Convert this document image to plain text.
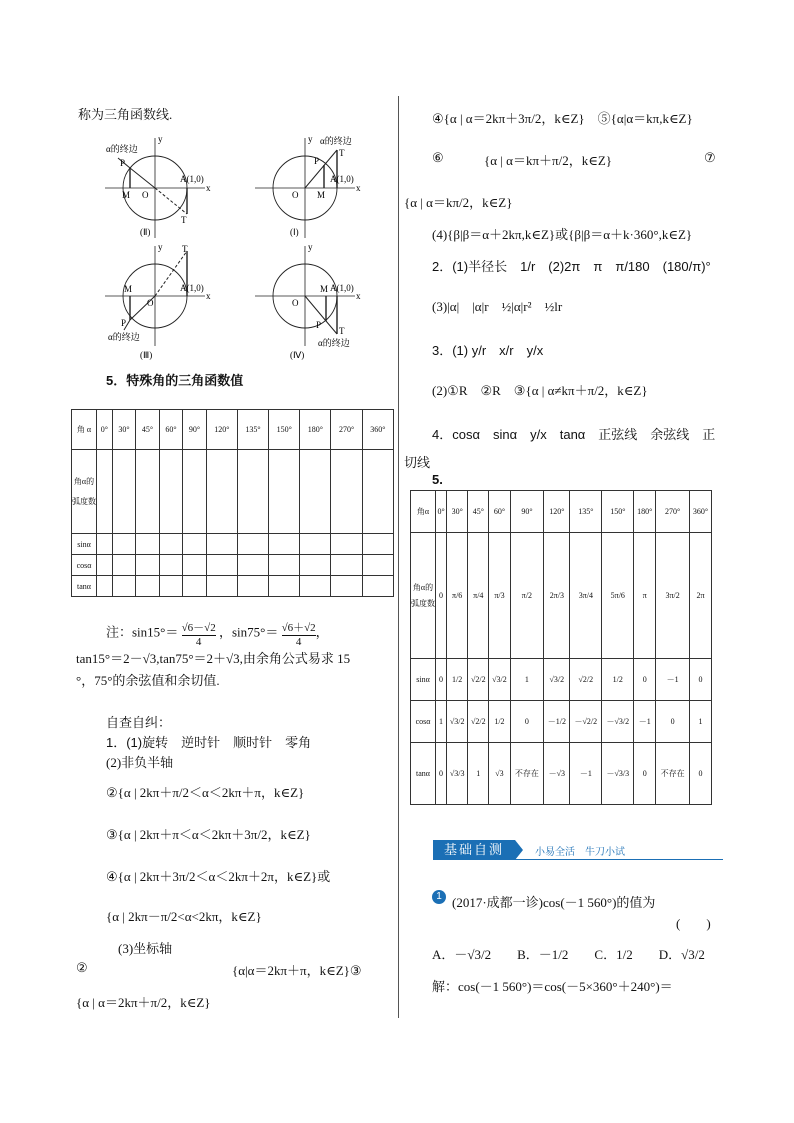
称为三角函数线.
P
M O
T
x
y
A(1,0)
α的终边
(Ⅱ)
P
M
O
T
x
y
A(1,0)
α的终边
(Ⅰ)
P
M
O
T
x
y
A(1,0)
α的终边
(Ⅲ)
P
M
O
T
x
y
A(1,0)
α的终边
(Ⅳ)
5．特殊角的三角函数值
角 α	0°	30°	45°	60°	90°	120°	135°	150°	180°	270°	360°
角α的弧度数											
sinα											
cosα											
tanα											
注：$\sin 15^\circ= \frac{√6-√2}{4}$ ，$\sin 75^\circ= \frac{√6+√2}{4}$ ，
tan15°＝2－√3,tan75°＝2＋√3,由余角公式易求 15
°，75°的余弦值和余切值.
自查自纠：
1．(1)旋转　逆时针　顺时针　零角
(2)非负半轴
②{α | 2kπ＋π/2＜α＜2kπ＋π，k∈Z}
③{α | 2kπ＋π＜α＜2kπ＋3π/2，k∈Z}
④{α | 2kπ＋3π/2＜α＜2kπ＋2π，k∈Z}或
{α | 2kπ－π/2<α<2kπ，k∈Z}
(3)坐标轴
②	{α|α＝2kπ＋π，k∈Z}③
{α | α＝2kπ＋π/2，k∈Z}
④{α | α＝2kπ＋3π/2，k∈Z}　⑤{α|α＝kπ,k∈Z}
⑥	{α | α＝kπ＋π/2，k∈Z}	⑦
{α | α＝kπ/2，k∈Z}
(4){β|β＝α＋2kπ,k∈Z}或{β|β＝α＋k·360°,k∈Z}
2．(1)半径长　1/r　(2)2π　π　π/180　(180/π)°
(3)|α|　|α|r　½|α|r²　½lr
3．(1) y/r　x/r　y/x
(2)①R　②R　③{α | α≠kπ＋π/2，k∈Z}
4．cosα　sinα　y/x　tanα　正弦线　余弦线　正
切线
5.
角α	0°	30°	45°	60°	90°	120°	135°	150°	180°	270°	360°
角α的弧度数	0	π/6	π/4	π/3	π/2	2π/3	3π/4	5π/6	π	3π/2	2π
sinα	0	1/2	√2/2	√3/2	1	√3/2	√2/2	1/2	0	－1	0
cosα	1	√3/2	√2/2	1/2	0	－1/2	－√2/2	－√3/2	－1	0	1
tanα	0	√3/3	1	√3	不存在	－√3	－1	－√3/3	0	不存在	0
基础自测	小易全活　牛刀小试
1 (2017·成都一诊)cos(－1 560°)的值为
(　　)
A．－√3/2　　B．－1/2　　C．1/2　　D．√3/2
解：cos(－1 560°)＝cos(－5×360°＋240°)＝
